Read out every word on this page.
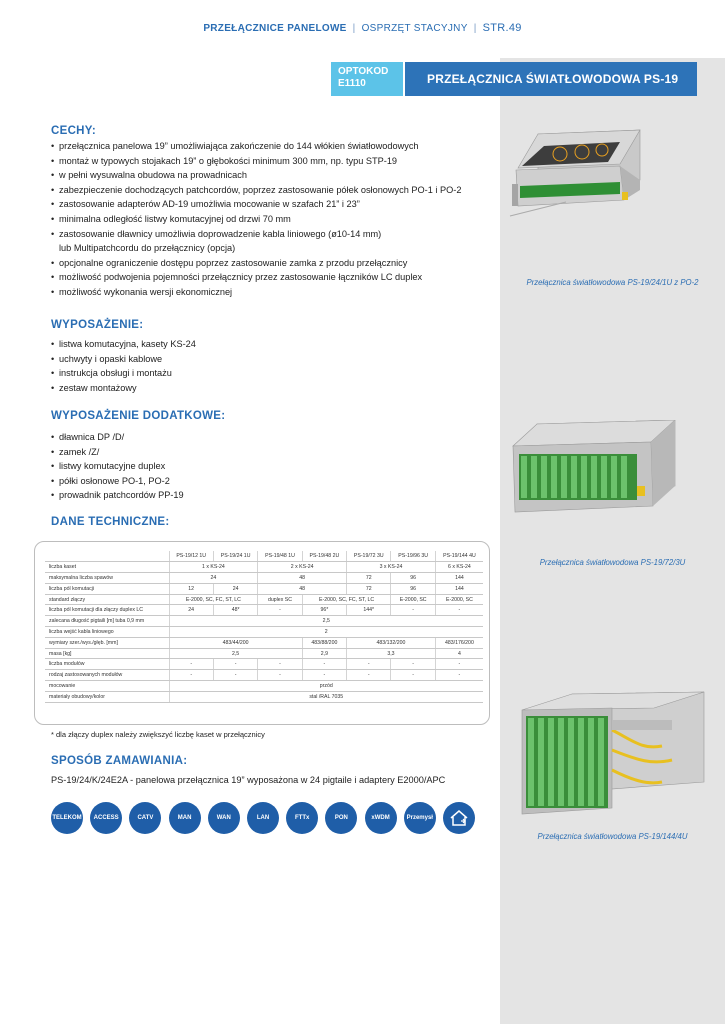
PRZEŁĄCZNICE PANELOWE | OSPRZĘT STACYJNY | STR.49
OPTOKOD
E1110	PRZEŁĄCZNICA ŚWIATŁOWODOWA PS-19
CECHY:
• przełącznica panelowa 19” umożliwiająca zakończenie do 144 włókien światłowodowych
• montaż w typowych stojakach 19” o głębokości minimum 300 mm, np. typu STP-19
• w pełni wysuwalna obudowa na prowadnicach
• zabezpieczenie dochodzących patchcordów, poprzez zastosowanie półek osłonowych PO-1 i PO-2
• zastosowanie adapterów AD-19 umożliwia mocowanie w szafach 21” i 23”
• minimalna odległość listwy komutacyjnej od drzwi 70 mm
• zastosowanie dławnicy umożliwia doprowadzenie kabla liniowego (ø10-14 mm)
lub Multipatchcordu do przełącznicy (opcja)
• opcjonalne ograniczenie dostępu poprzez zastosowanie zamka z przodu przełącznicy
• możliwość podwojenia pojemności przełącznicy przez zastosowanie łączników LC duplex
• możliwość wykonania wersji ekonomicznej
WYPOSAŻENIE:
• listwa komutacyjna, kasety KS-24
• uchwyty i opaski kablowe
• instrukcja obsługi i montażu
• zestaw montażowy
WYPOSAŻENIE DODATKOWE:
• dławnica DP /D/
• zamek /Z/
• listwy komutacyjne duplex
• półki osłonowe PO-1, PO-2
• prowadnik patchcordów PP-19
DANE TECHNICZNE:
	PS-19/12 1U	PS-19/24 1U	PS-19/48 1U	PS-19/48 2U	PS-19/72 3U	PS-19/96 3U	PS-19/144 4U
liczba kaset	1 x KS-24		2 x KS-24		3 x KS-24		6 x KS-24
maksymalna liczba spawów	24		48		72	96	144
liczba pól komutacji	12	24	48		72	96	144
standard złączy	E-2000, SC, FC, ST, LC		duplex SC	E-2000, SC, FC, ST, LC		E-2000, SC	E-2000, SC
liczba pól komutacji dla złączy duplex LC	24	48*	-	96*	144*	-	-
zalecana długość pigtaili [m] tuba 0,9 mm	2,5						
liczba wejść kabla liniowego	2						
wymiary szer./wys./głęb. [mm]	483/44/200			483/88/200	483/132/200		483/176/200
masa [kg]	2,5			2,9	3,3		4
liczba modułów	-	-	-	-	-	-	-
rodzaj zastosowanych modułów	-	-	-	-	-	-	-
mocowanie	przód						
materiały obudowy/kolor	stal /RAL 7035						
* dla złączy duplex należy zwiększyć liczbę kaset w przełącznicy
SPOSÓB ZAMAWIANIA:
PS-19/24/K/24E2A - panelowa przełącznica 19” wyposażona w 24 pigtaile i adaptery E2000/APC
TELEKOM	ACCESS	CATV	MAN	WAN	LAN	FTTx	PON	xWDM	Przemysł
Przełącznica światłowodowa PS-19/24/1U z PO-2
Przełącznica światłowodowa PS-19/72/3U
Przełącznica światłowodowa PS-19/144/4U
